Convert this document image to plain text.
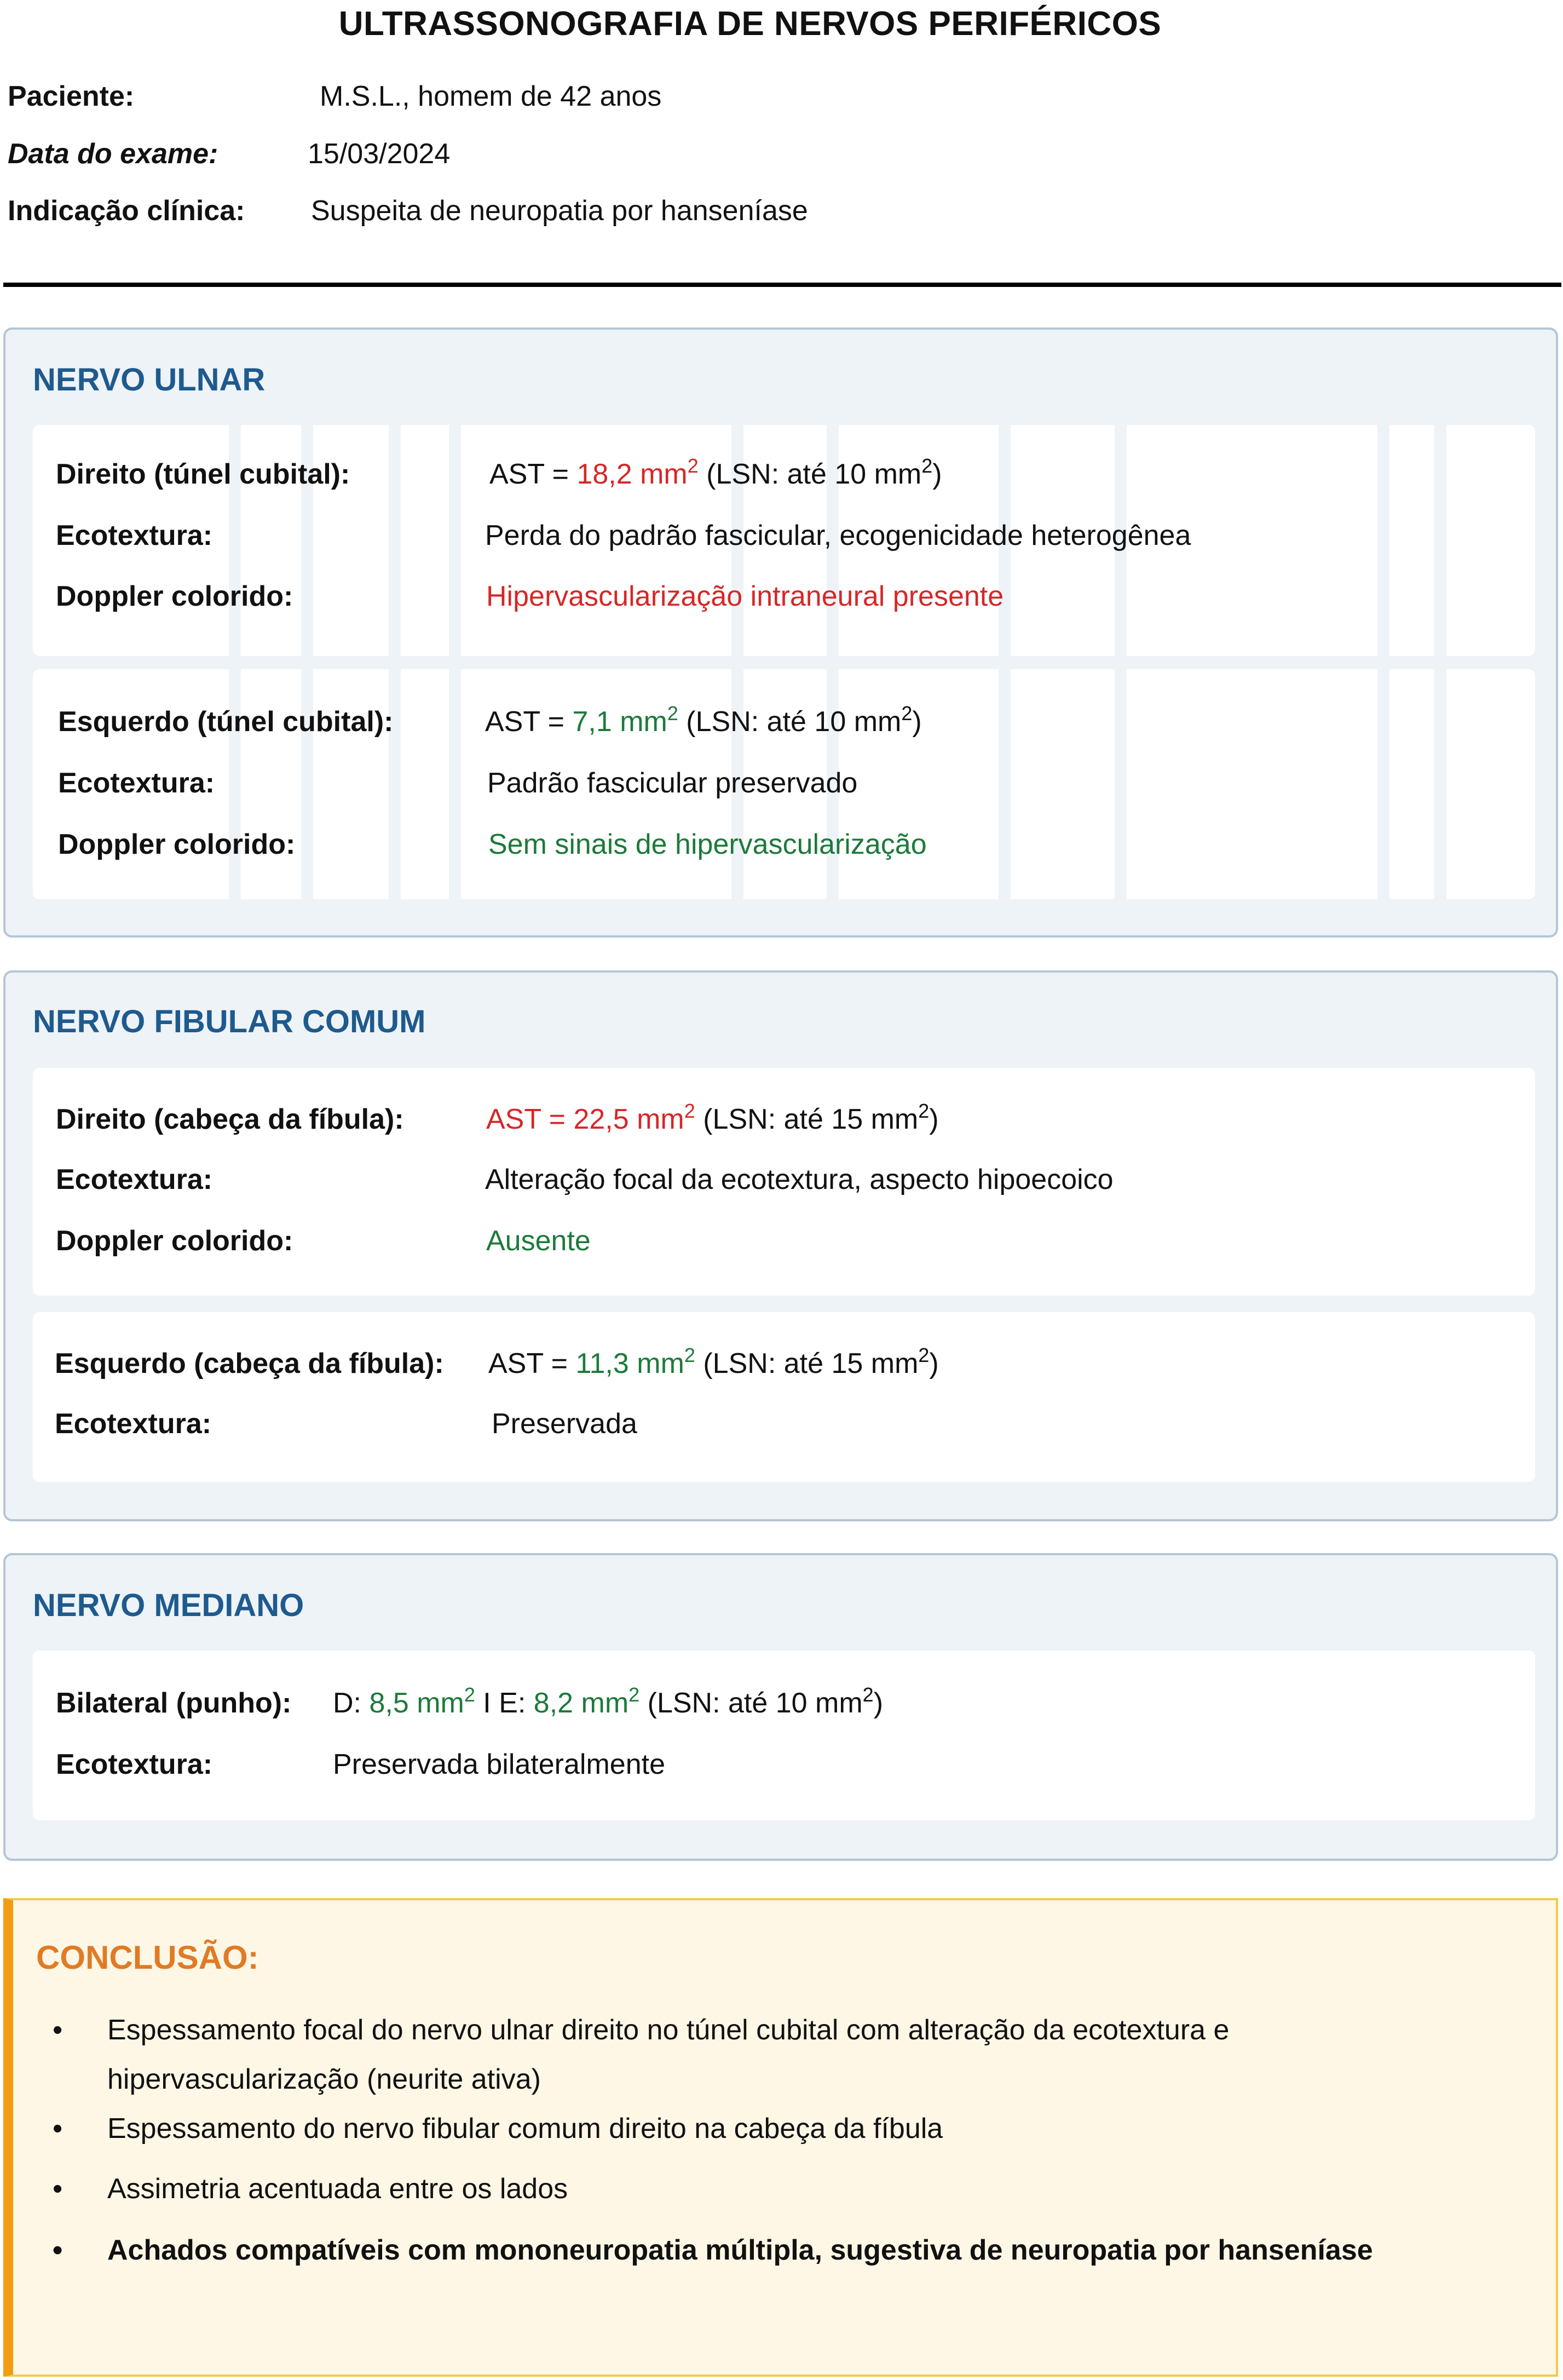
ULTRASSONOGRAFIA DE NERVOS PERIFÉRICOS
Paciente:	M.S.L., homem de 42 anos
Data do exame:	15/03/2024
Indicação clínica: Suspeita de neuropatia por hanseníase
NERVO ULNAR
Direito (túnel cubital):	AST = 18,2 $mm^2$ (LSN: até 10 $mm^2$)
Ecotextura:	Perda do padrão fascicular, ecogenicidade heterogênea
Doppler colorido:	Hipervascularização intraneural presente
Esquerdo (túnel cubital):	AST = 7,1 $mm^2$ (LSN: até 10 $mm^2$)
Ecotextura:	Padrão fascicular preservado
Doppler colorido:	Sem sinais de hipervascularização
NERVO FIBULAR COMUM
Direito (cabeça da fíbula):	AST = 22,5 $mm^2$ (LSN: até 15 $mm^2$)
Ecotextura:	Alteração focal da ecotextura, aspecto hipoecoico
Doppler colorido:	Ausente
Esquerdo (cabeça da fíbula): AST = 11,3 $mm^2$ (LSN: até 15 $mm^2$)
Ecotextura:	Preservada
NERVO MEDIANO
Bilateral (punho): D: 8,5 $mm^2$ I E: 8,2 $mm^2$ (LSN: até 10 $mm^2$)
Ecotextura:	Preservada bilateralmente
CONCLUSÃO:
• Espessamento focal do nervo ulnar direito no túnel cubital com alteração da ecotextura e hipervascularização (neurite ativa)
• Espessamento do nervo fibular comum direito na cabeça da fíbula
• Assimetria acentuada entre os lados
• Achados compatíveis com mononeuropatia múltipla, sugestiva de neuropatia por hanseníase
